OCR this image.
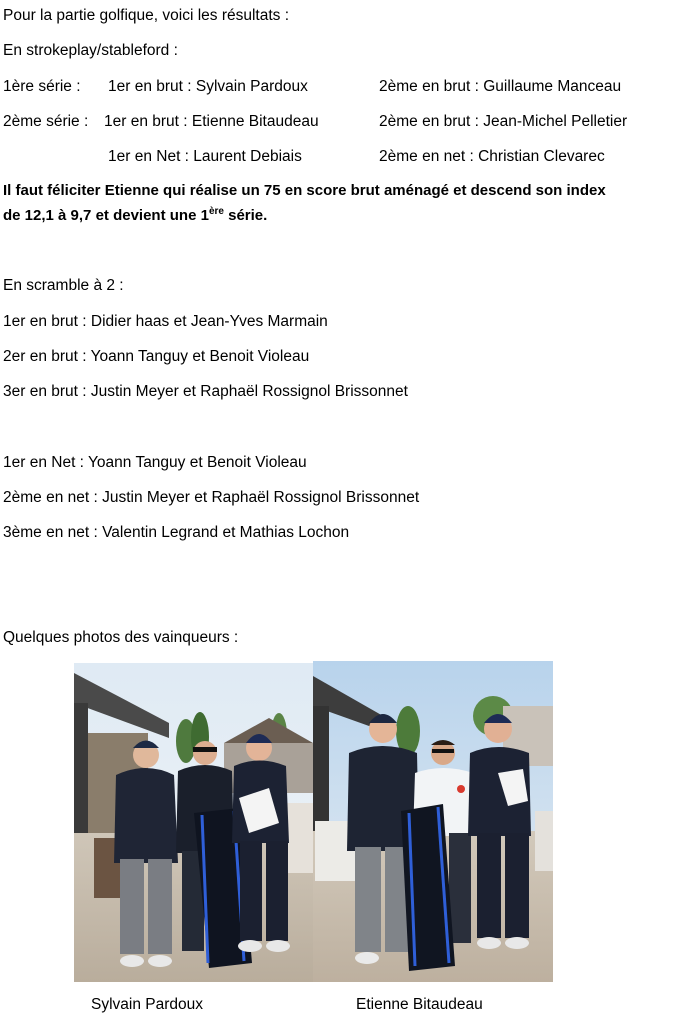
Pour la partie golfique, voici les résultats :
En strokeplay/stableford :
1ère série : 1er en brut : Sylvain Pardoux	2ème en brut : Guillaume Manceau
2ème série : 1er en brut : Etienne Bitaudeau	2ème en brut : Jean-Michel Pelletier
1er en Net : Laurent Debiais	2ème en net : Christian Clevarec
Il faut féliciter Etienne qui réalise un 75 en score brut aménagé et descend son index
de 12,1 à 9,7 et devient une 1ère série.
En scramble à 2 :
1er en brut : Didier haas et Jean-Yves Marmain
2er en brut : Yoann Tanguy et Benoit Violeau
3er en brut : Justin Meyer et Raphaël Rossignol Brissonnet
1er en Net : Yoann Tanguy et Benoit Violeau
2ème en net : Justin Meyer et Raphaël Rossignol Brissonnet
3ème en net : Valentin Legrand et Mathias Lochon
Quelques photos des vainqueurs :
Sylvain Pardoux	Etienne Bitaudeau
